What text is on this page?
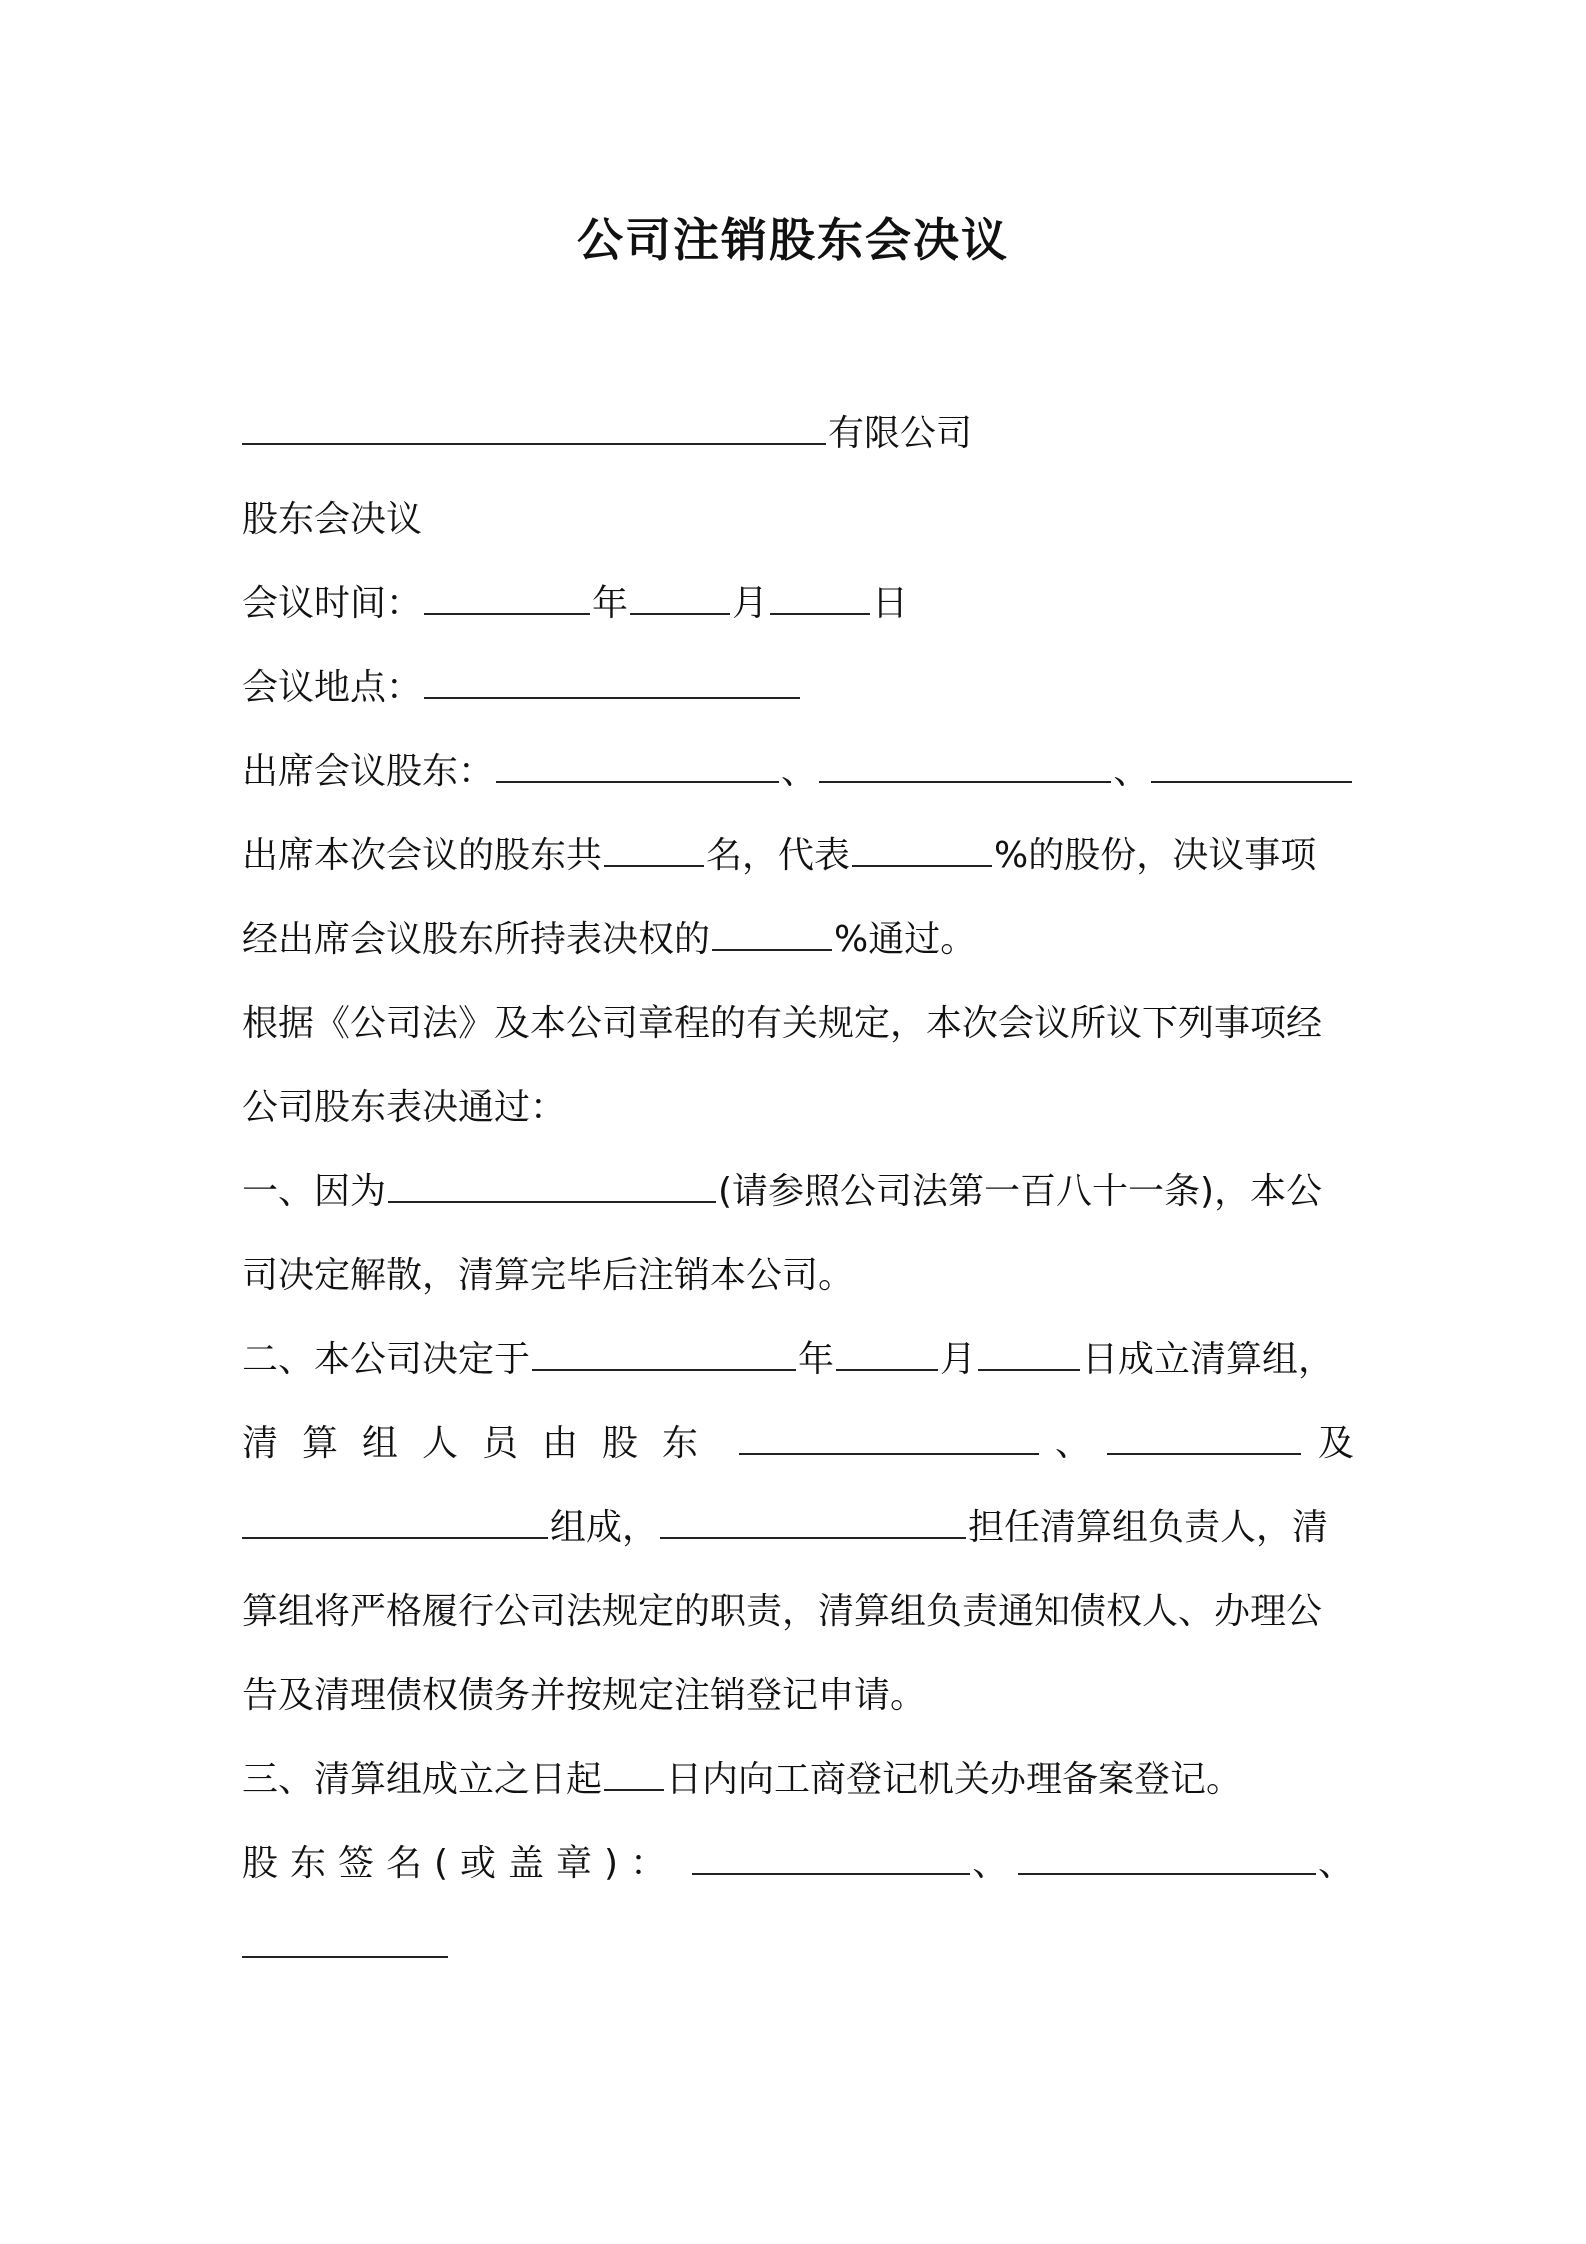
公司注销股东会决议
有限公司
股东会决议
会议时间：	年	月	日
会议地点：
出席会议股东：	、	、
出席本次会议的股东共	名，代表	%的股份，决议事项
经出席会议股东所持表决权的	%通过。
根据《公司法》及本公司章程的有关规定，本次会议所议下列事项经
公司股东表决通过：
一、因为	(请参照公司法第一百八十一条)，本公
司决定解散，清算完毕后注销本公司。
二、本公司决定于	年	月	日成立清算组，
清算组人员由股东	、	及
组成，	担任清算组负责人，清
算组将严格履行公司法规定的职责，清算组负责通知债权人、办理公
告及清理债权债务并按规定注销登记申请。
三、清算组成立之日起 日内向工商登记机关办理备案登记。
股东签名(或盖章)：	、	、
